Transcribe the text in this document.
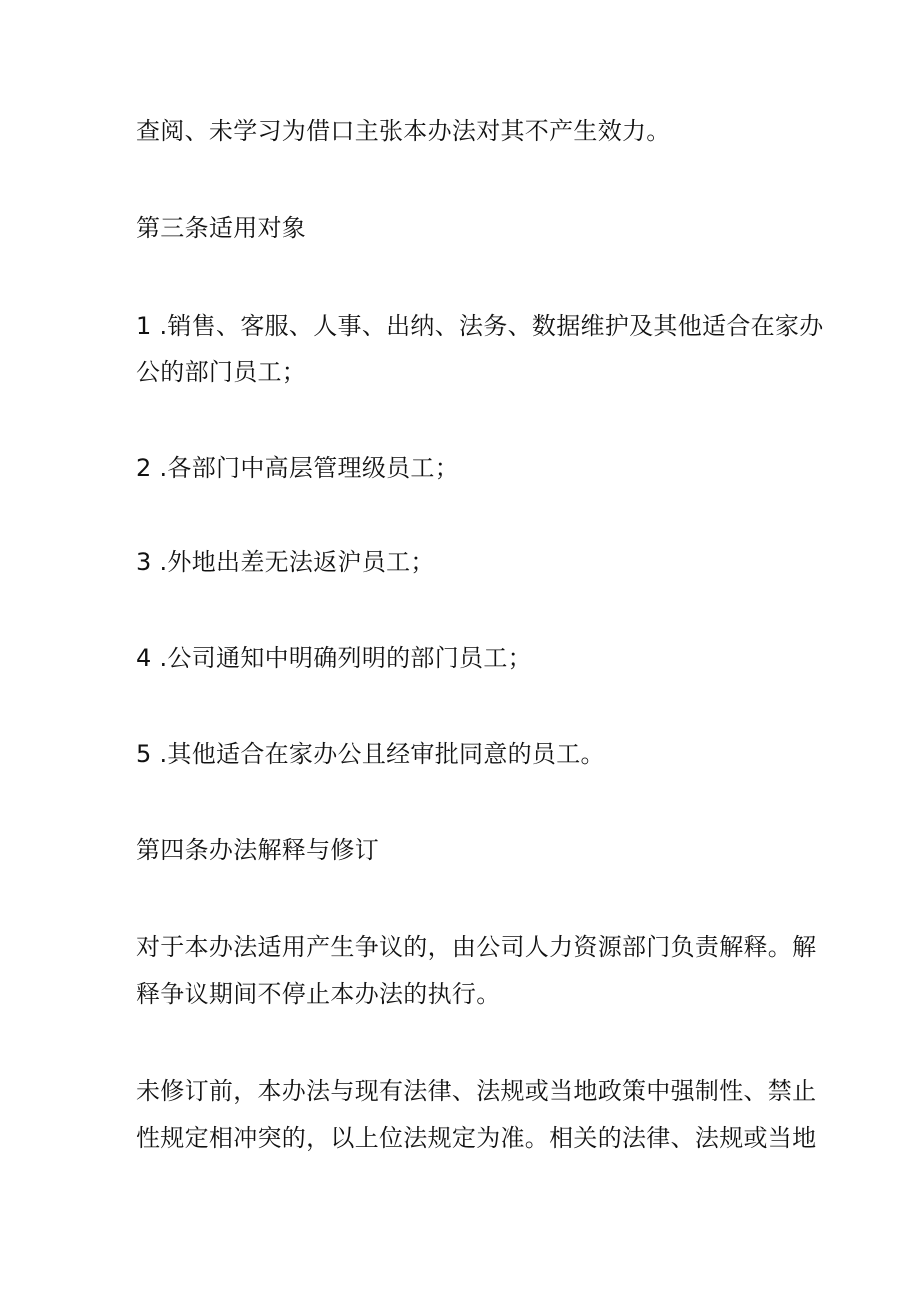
查阅、未学习为借口主张本办法对其不产生效力。
第三条适用对象
1 .销售、客服、人事、出纳、法务、数据维护及其他适合在家办
公的部门员工；
2 .各部门中高层管理级员工；
3 .外地出差无法返沪员工；
4 .公司通知中明确列明的部门员工；
5 .其他适合在家办公且经审批同意的员工。
第四条办法解释与修订
对于本办法适用产生争议的，由公司人力资源部门负责解释。解
释争议期间不停止本办法的执行。
未修订前，本办法与现有法律、法规或当地政策中强制性、禁止
性规定相冲突的，以上位法规定为准。相关的法律、法规或当地
